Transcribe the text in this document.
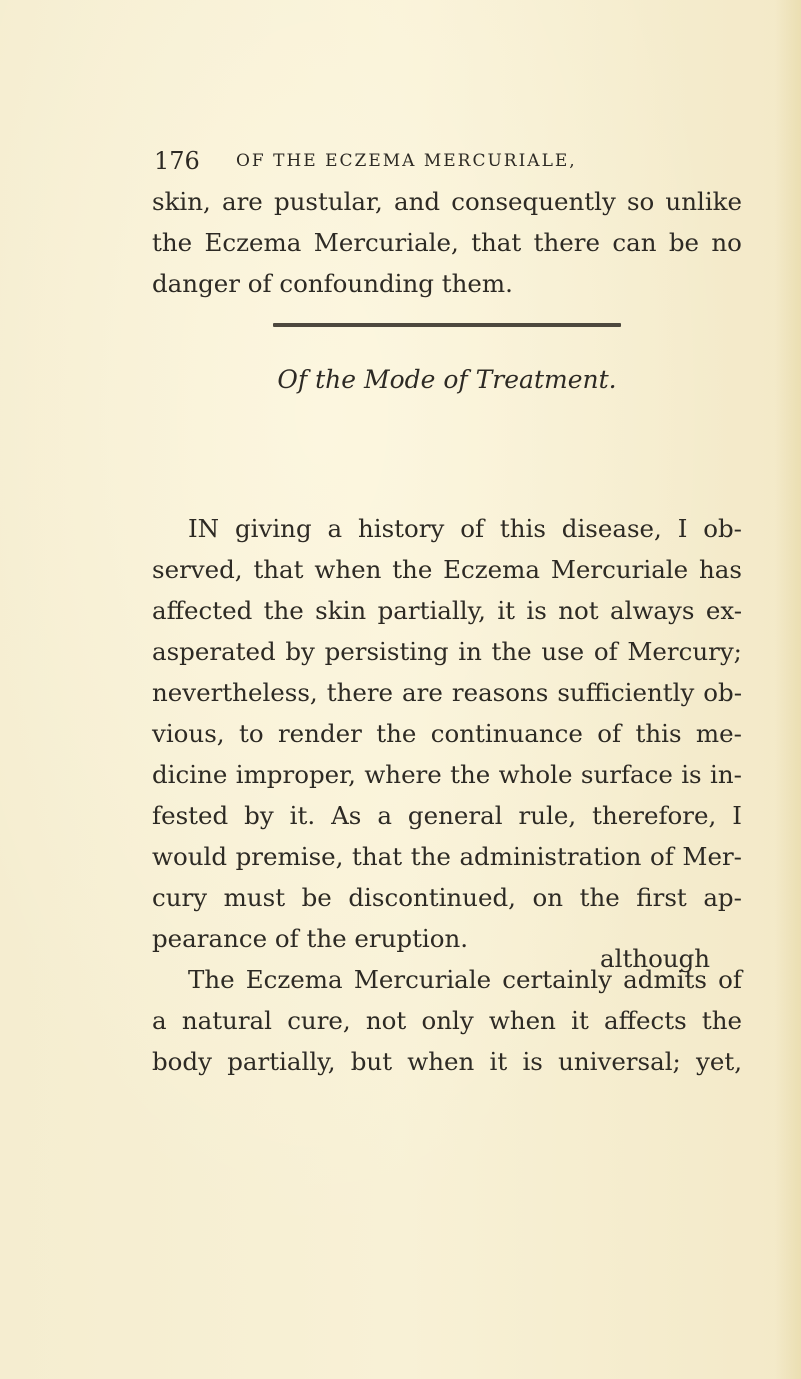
176 OF THE ECZEMA MERCURIALE,
skin, are pustular, and consequently so unlike
the Eczema Mercuriale, that there can be no
danger of confounding them.
Of the Mode of Treatment.
IN giving a history of this disease, I ob-
served, that when the Eczema Mercuriale has
affected the skin partially, it is not always ex-
asperated by persisting in the use of Mercury;
nevertheless, there are reasons sufficiently ob-
vious, to render the continuance of this me-
dicine improper, where the whole surface is in-
fested by it. As a general rule, therefore, I
would premise, that the administration of Mer-
cury must be discontinued, on the first ap-
pearance of the eruption.
The Eczema Mercuriale certainly admits of
a natural cure, not only when it affects the
body partially, but when it is universal; yet,
although
